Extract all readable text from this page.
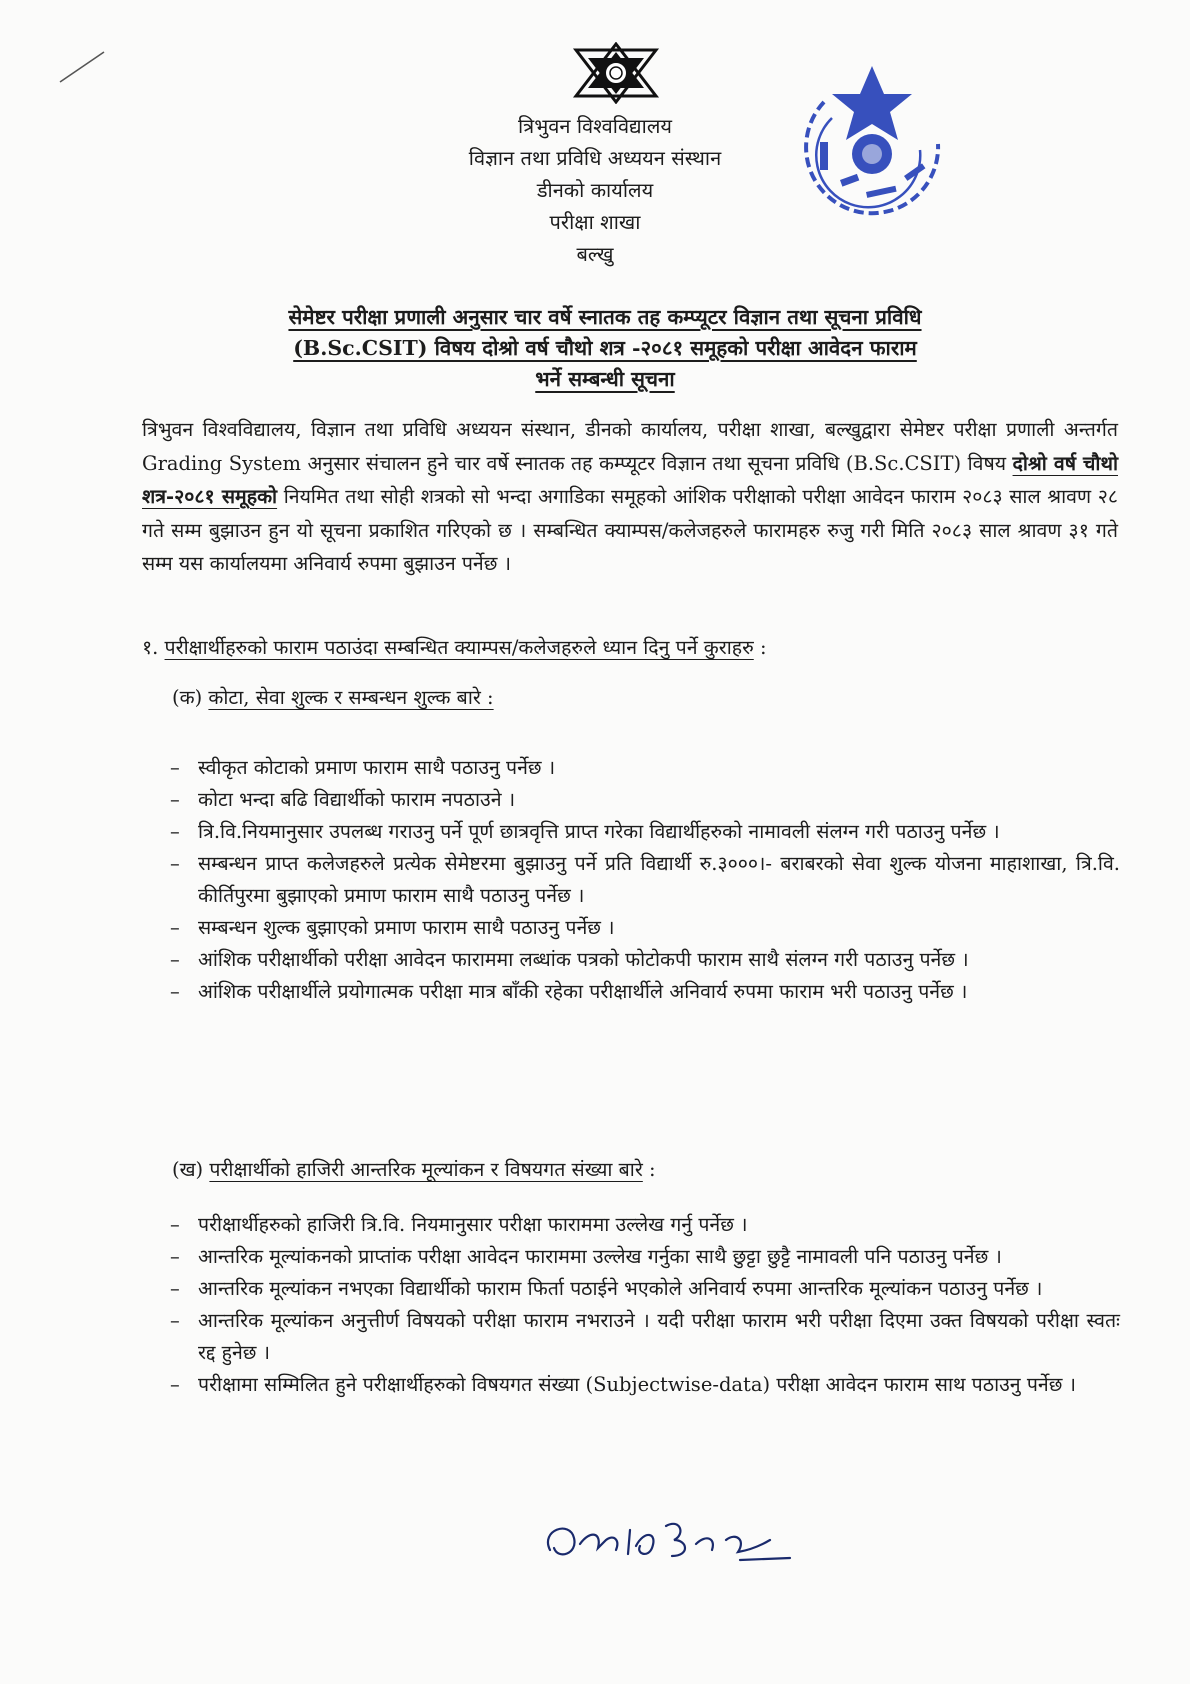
त्रिभुवन विश्वविद्यालय
विज्ञान तथा प्रविधि अध्ययन संस्थान
डीनको कार्यालय
परीक्षा शाखा
बल्खु
सेमेष्टर परीक्षा प्रणाली अनुसार चार वर्षे स्नातक तह कम्प्यूटर विज्ञान तथा सूचना प्रविधि
(B.Sc.CSIT) विषय दोश्रो वर्ष चौथो शत्र -२०८१ समूहको परीक्षा आवेदन फाराम
भर्ने सम्बन्धी सूचना
त्रिभुवन विश्वविद्यालय, विज्ञान तथा प्रविधि अध्ययन संस्थान, डीनको कार्यालय, परीक्षा शाखा, बल्खुद्वारा सेमेष्टर परीक्षा प्रणाली अन्तर्गत Grading System अनुसार संचालन हुने चार वर्षे स्नातक तह कम्प्यूटर विज्ञान तथा सूचना प्रविधि (B.Sc.CSIT) विषय दोश्रो वर्ष चौथो शत्र-२०८१ समूहको नियमित तथा सोही शत्रको सो भन्दा अगाडिका समूहको आंशिक परीक्षाको परीक्षा आवेदन फाराम २०८३ साल श्रावण २८ गते सम्म बुझाउन हुन यो सूचना प्रकाशित गरिएको छ । सम्बन्धित क्याम्पस/कलेजहरुले फारामहरु रुजु गरी मिति २०८३ साल श्रावण ३१ गते सम्म यस कार्यालयमा अनिवार्य रुपमा बुझाउन पर्नेछ ।
१. परीक्षार्थीहरुको फाराम पठाउंदा सम्बन्धित क्याम्पस/कलेजहरुले ध्यान दिनु पर्ने कुराहरु :
(क) कोटा, सेवा शुल्क र सम्बन्धन शुल्क बारे :
– स्वीकृत कोटाको प्रमाण फाराम साथै पठाउनु पर्नेछ ।
– कोटा भन्दा बढि विद्यार्थीको फाराम नपठाउने ।
– त्रि.वि.नियमानुसार उपलब्ध गराउनु पर्ने पूर्ण छात्रवृत्ति प्राप्त गरेका विद्यार्थीहरुको नामावली संलग्न गरी पठाउनु पर्नेछ ।
– सम्बन्धन प्राप्त कलेजहरुले प्रत्येक सेमेष्टरमा बुझाउनु पर्ने प्रति विद्यार्थी रु.३०००।- बराबरको सेवा शुल्क योजना माहाशाखा, त्रि.वि. कीर्तिपुरमा बुझाएको प्रमाण फाराम साथै पठाउनु पर्नेछ ।
– सम्बन्धन शुल्क बुझाएको प्रमाण फाराम साथै पठाउनु पर्नेछ ।
– आंशिक परीक्षार्थीको परीक्षा आवेदन फाराममा लब्धांक पत्रको फोटोकपी फाराम साथै संलग्न गरी पठाउनु पर्नेछ ।
– आंशिक परीक्षार्थीले प्रयोगात्मक परीक्षा मात्र बाँकी रहेका परीक्षार्थीले अनिवार्य रुपमा फाराम भरी पठाउनु पर्नेछ ।
(ख) परीक्षार्थीको हाजिरी आन्तरिक मूल्यांकन र विषयगत संख्या बारे :
– परीक्षार्थीहरुको हाजिरी त्रि.वि. नियमानुसार परीक्षा फाराममा उल्लेख गर्नु पर्नेछ ।
– आन्तरिक मूल्यांकनको प्राप्तांक परीक्षा आवेदन फाराममा उल्लेख गर्नुका साथै छुट्टा छुट्टै नामावली पनि पठाउनु पर्नेछ ।
– आन्तरिक मूल्यांकन नभएका विद्यार्थीको फाराम फिर्ता पठाईने भएकोले अनिवार्य रुपमा आन्तरिक मूल्यांकन पठाउनु पर्नेछ ।
– आन्तरिक मूल्यांकन अनुत्तीर्ण विषयको परीक्षा फाराम नभराउने । यदी परीक्षा फाराम भरी परीक्षा दिएमा उक्त विषयको परीक्षा स्वतः रद्द हुनेछ ।
– परीक्षामा सम्मिलित हुने परीक्षार्थीहरुको विषयगत संख्या (Subjectwise-data) परीक्षा आवेदन फाराम साथ पठाउनु पर्नेछ ।
